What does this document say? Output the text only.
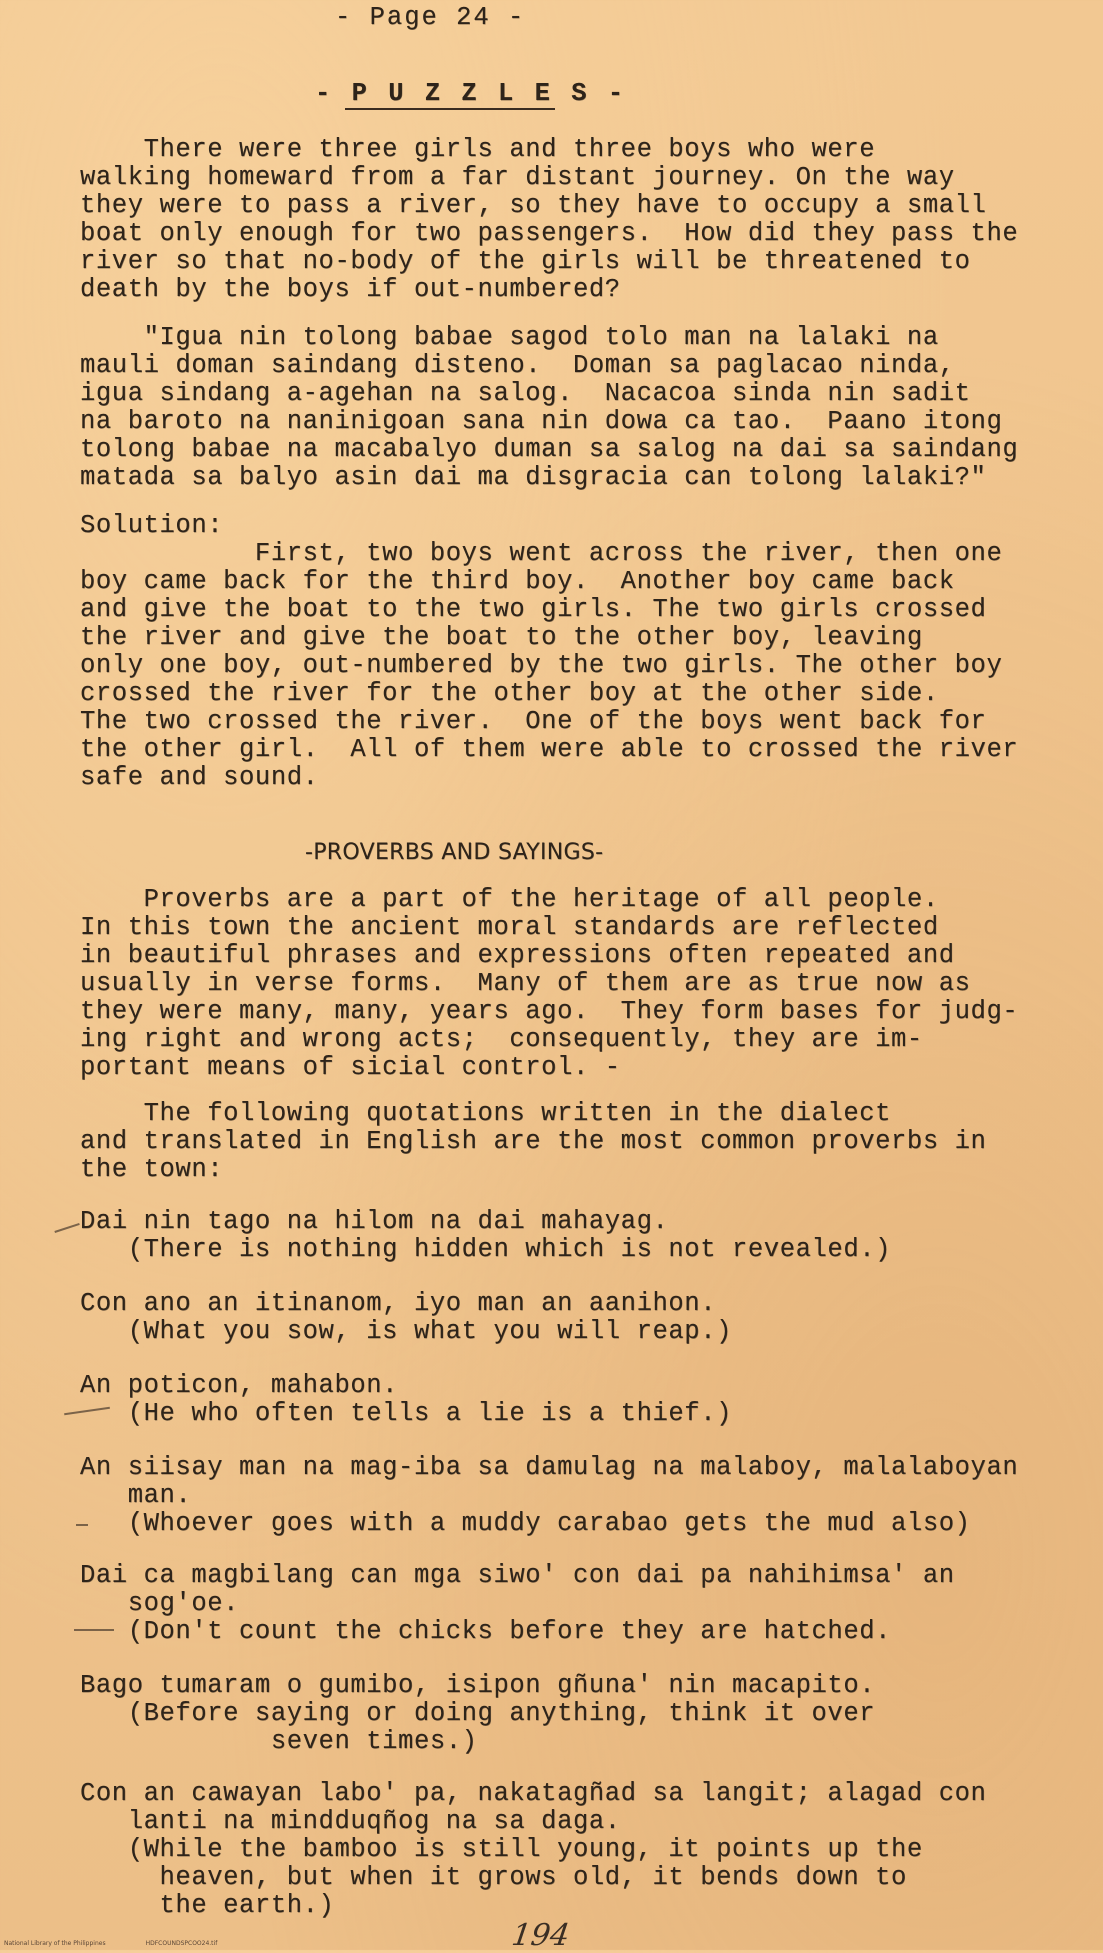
- Page 24 -
- P U Z Z L E S -
There were three girls and three boys who were
walking homeward from a far distant journey. On the way
they were to pass a river, so they have to occupy a small
boat only enough for two passengers.  How did they pass the
river so that no-body of the girls will be threatened to
death by the boys if out-numbered?
"Igua nin tolong babae sagod tolo man na lalaki na
mauli doman saindang disteno.  Doman sa paglacao ninda,
igua sindang a-agehan na salog.  Nacacoa sinda nin sadit
na baroto na naninigoan sana nin dowa ca tao.  Paano itong
tolong babae na macabalyo duman sa salog na dai sa saindang
matada sa balyo asin dai ma disgracia can tolong lalaki?"
Solution:
First, two boys went across the river, then one
boy came back for the third boy.  Another boy came back
and give the boat to the two girls. The two girls crossed
the river and give the boat to the other boy, leaving
only one boy, out-numbered by the two girls. The other boy
crossed the river for the other boy at the other side.
The two crossed the river.  One of the boys went back for
the other girl.  All of them were able to crossed the river
safe and sound.
-PROVERBS AND SAYINGS-
Proverbs are a part of the heritage of all people.
In this town the ancient moral standards are reflected
in beautiful phrases and expressions often repeated and
usually in verse forms.  Many of them are as true now as
they were many, many, years ago.  They form bases for judg-
ing right and wrong acts;  consequently, they are im-
portant means of sicial control. -
The following quotations written in the dialect
and translated in English are the most common proverbs in
the town:
Dai nin tago na hilom na dai mahayag.
(There is nothing hidden which is not revealed.)
Con ano an itinanom, iyo man an aanihon.
(What you sow, is what you will reap.)
An poticon, mahabon.
(He who often tells a lie is a thief.)
An siisay man na mag-iba sa damulag na malaboy, malalaboyan
man.
(Whoever goes with a muddy carabao gets the mud also)
Dai ca magbilang can mga siwo' con dai pa nahihimsa' an
sog'oe.
(Don't count the chicks before they are hatched.
Bago tumaram o gumibo, isipon gñuna' nin macapito.
(Before saying or doing anything, think it over
seven times.)
Con an cawayan labo' pa, nakatagñad sa langit; alagad con
lanti na mindduqñog na sa daga.
(While the bamboo is still young, it points up the
heaven, but when it grows old, it bends down to
the earth.)
194
National Library of the Philippines	HDFCOUNDSPCOO24.tif
